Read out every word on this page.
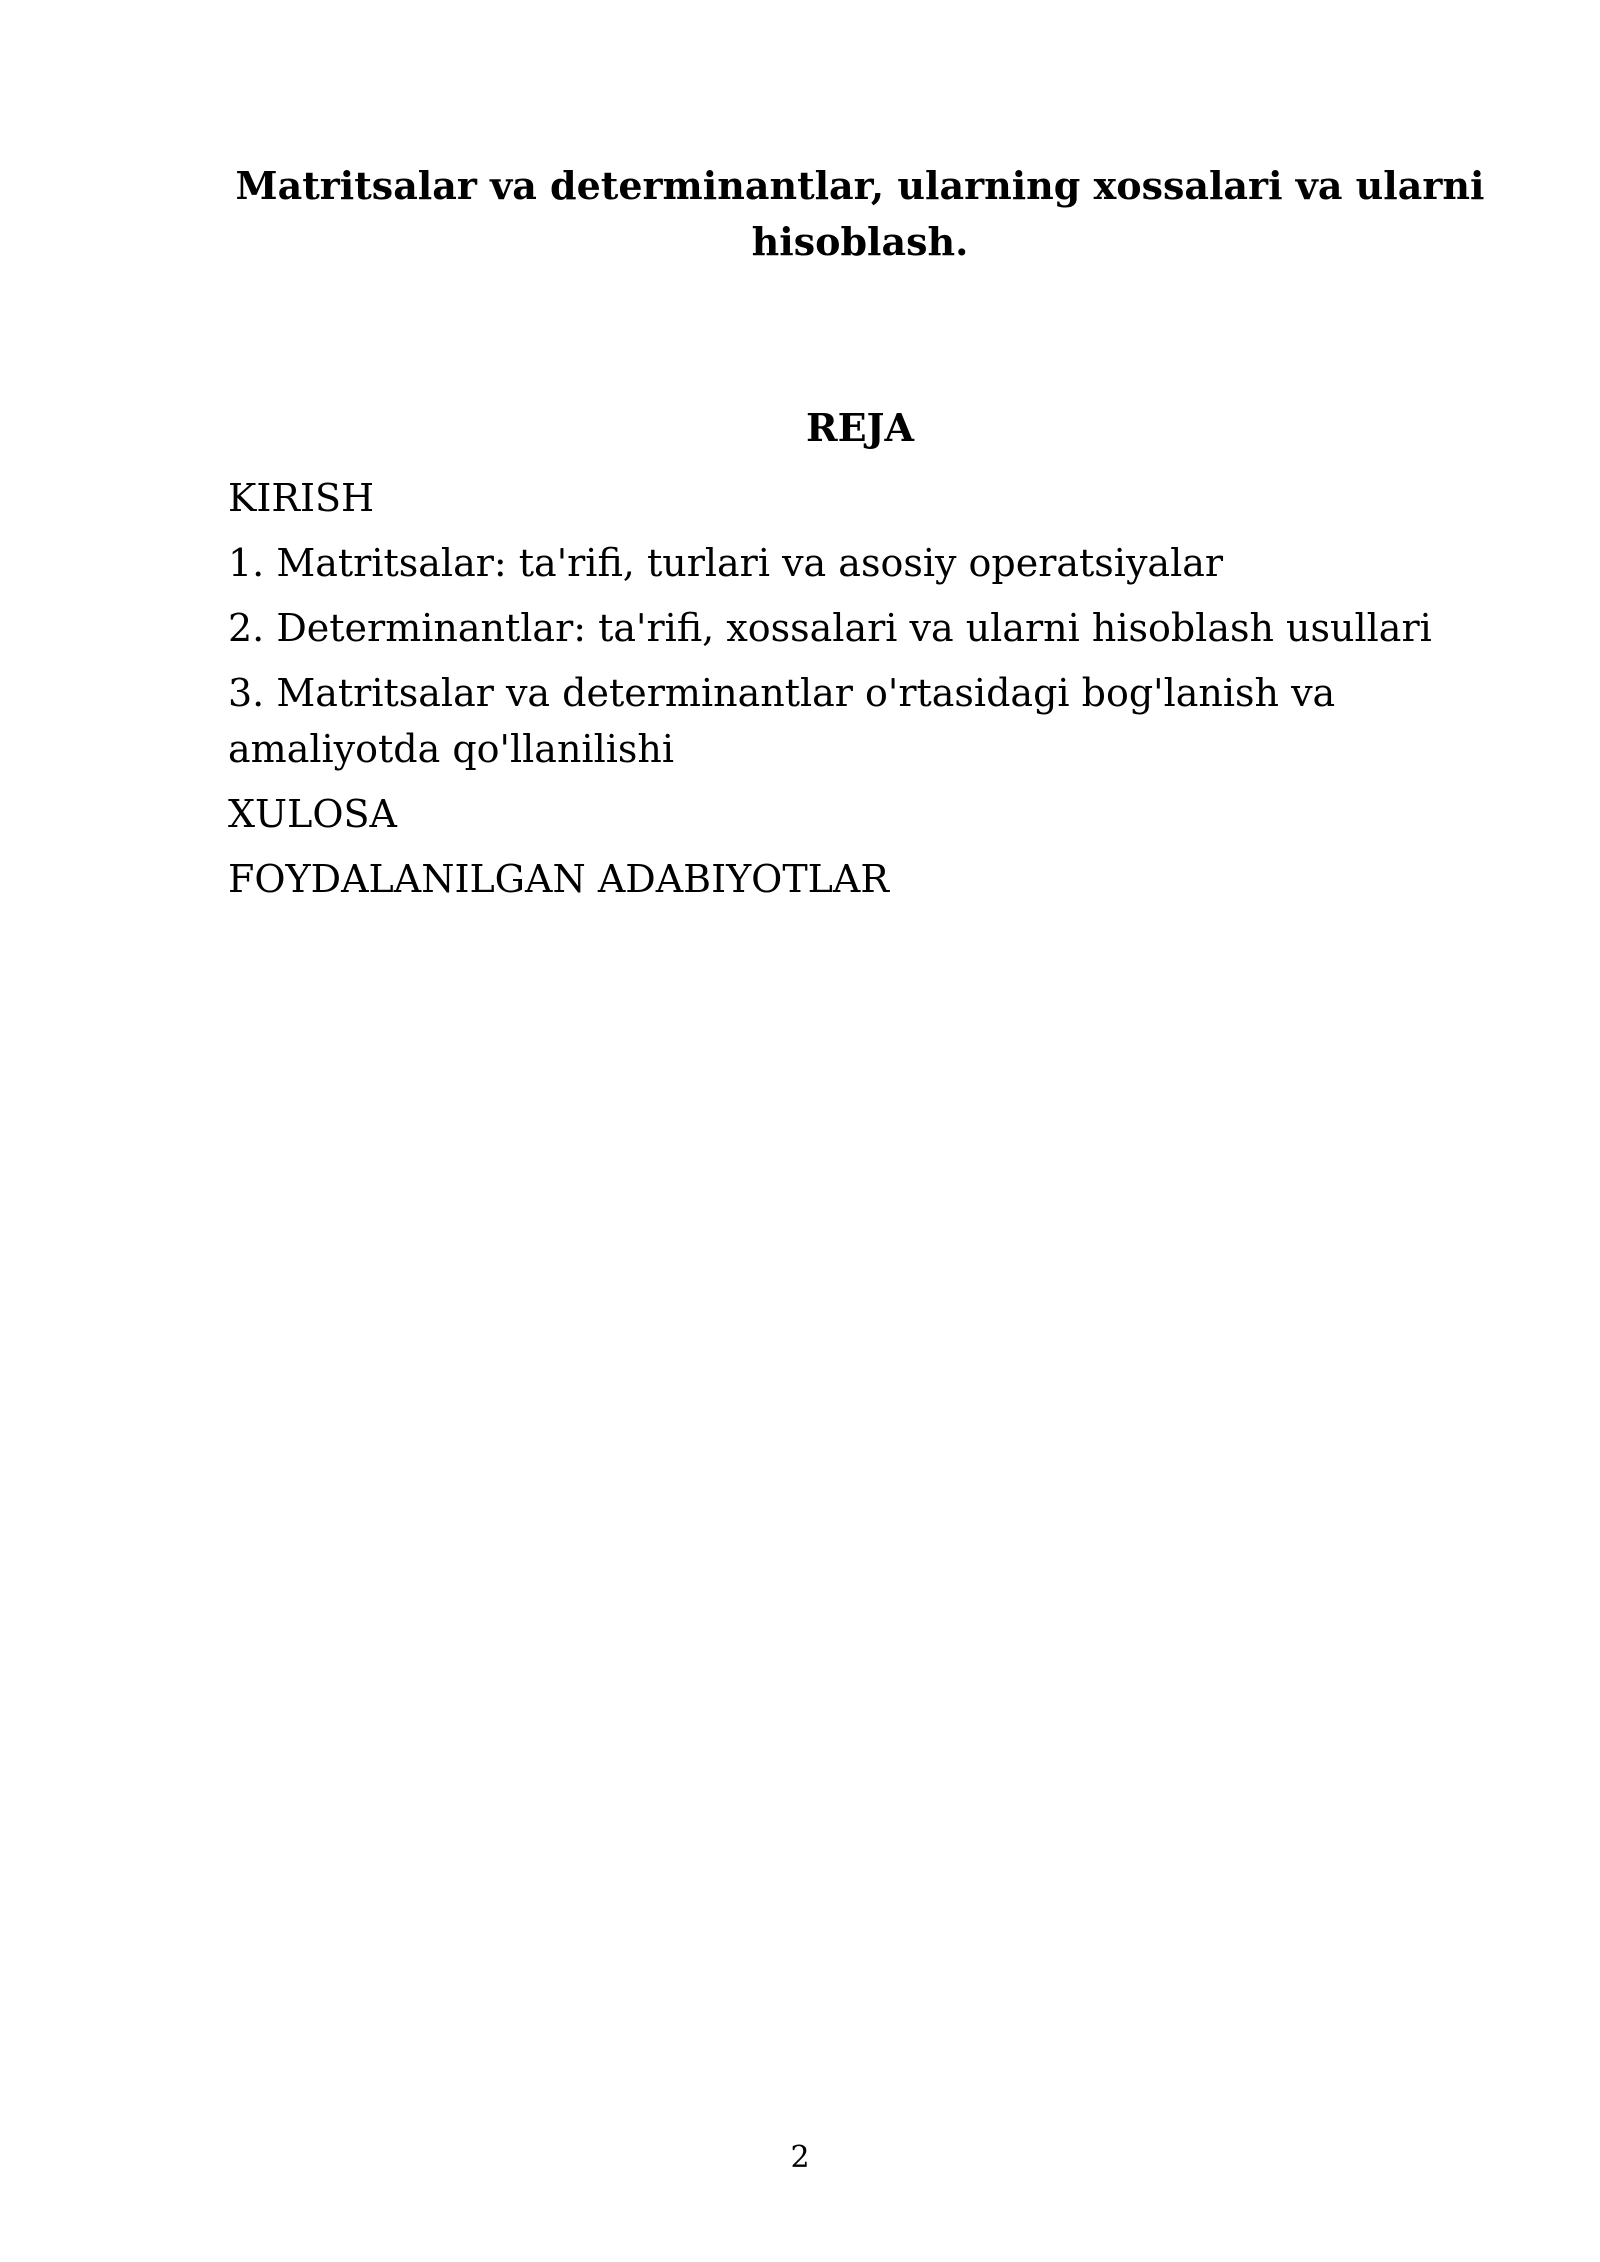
Matritsalar va determinantlar, ularning xossalari va ularni hisoblash.
REJA
KIRISH
1. Matritsalar: ta'rifi, turlari va asosiy operatsiyalar
2. Determinantlar: ta'rifi, xossalari va ularni hisoblash usullari
3. Matritsalar va determinantlar o'rtasidagi bog'lanish va amaliyotda qo'llanilishi
XULOSA
FOYDALANILGAN ADABIYOTLAR
2
